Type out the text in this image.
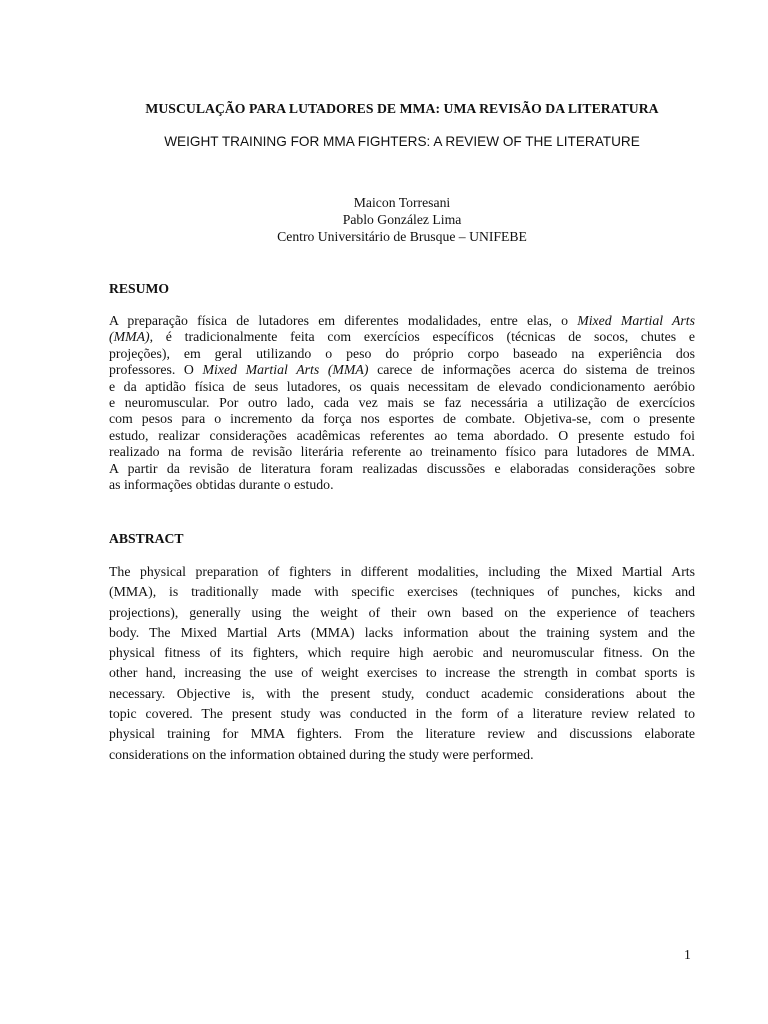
MUSCULAÇÃO PARA LUTADORES DE MMA: UMA REVISÃO DA LITERATURA
WEIGHT TRAINING FOR MMA FIGHTERS: A REVIEW OF THE LITERATURE
Maicon Torresani
Pablo González Lima
Centro Universitário de Brusque – UNIFEBE
RESUMO
A preparação física de lutadores em diferentes modalidades, entre elas, o Mixed Martial Arts
(MMA), é tradicionalmente feita com exercícios específicos (técnicas de socos, chutes e
projeções), em geral utilizando o peso do próprio corpo baseado na experiência dos
professores. O Mixed Martial Arts (MMA) carece de informações acerca do sistema de treinos
e da aptidão física de seus lutadores, os quais necessitam de elevado condicionamento aeróbio
e neuromuscular. Por outro lado, cada vez mais se faz necessária a utilização de exercícios
com pesos para o incremento da força nos esportes de combate. Objetiva-se, com o presente
estudo, realizar considerações acadêmicas referentes ao tema abordado. O presente estudo foi
realizado na forma de revisão literária referente ao treinamento físico para lutadores de MMA.
A partir da revisão de literatura foram realizadas discussões e elaboradas considerações sobre
as informações obtidas durante o estudo.
ABSTRACT
The physical preparation of fighters in different modalities, including the Mixed Martial Arts
(MMA), is traditionally made with specific exercises (techniques of punches, kicks and
projections), generally using the weight of their own based on the experience of teachers
body. The Mixed Martial Arts (MMA) lacks information about the training system and the
physical fitness of its fighters, which require high aerobic and neuromuscular fitness. On the
other hand, increasing the use of weight exercises to increase the strength in combat sports is
necessary. Objective is, with the present study, conduct academic considerations about the
topic covered. The present study was conducted in the form of a literature review related to
physical training for MMA fighters. From the literature review and discussions elaborate
considerations on the information obtained during the study were performed.
1
